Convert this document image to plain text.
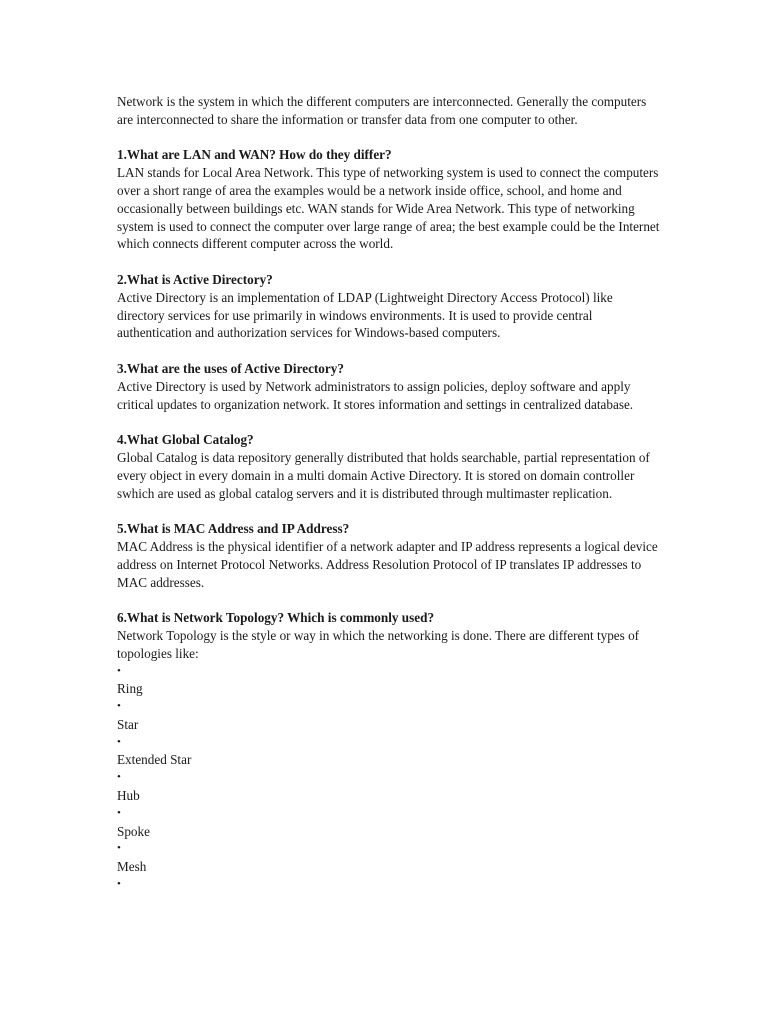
Network is the system in which the different computers are interconnected. Generally the computers are interconnected to share the information or transfer data from one computer to other.

1.What are LAN and WAN? How do they differ?

LAN stands for Local Area Network. This type of networking system is used to connect the computers over a short range of area the examples would be a network inside office, school, and home and occasionally between buildings etc. WAN stands for Wide Area Network. This type of networking system is used to connect the computer over large range of area; the best example could be the Internet which connects different computer across the world.

2.What is Active Directory?

Active Directory is an implementation of LDAP (Lightweight Directory Access Protocol) like directory services for use primarily in windows environments. It is used to provide central authentication and authorization services for Windows-based computers.

3.What are the uses of Active Directory?

Active Directory is used by Network administrators to assign policies, deploy software and apply critical updates to organization network. It stores information and settings in centralized database.

4.What Global Catalog?

Global Catalog is data repository generally distributed that holds searchable, partial representation of every object in every domain in a multi domain Active Directory. It is stored on domain controller swhich are used as global catalog servers and it is distributed through multimaster replication.

5.What is MAC Address and IP Address?

MAC Address is the physical identifier of a network adapter and IP address represents a logical device address on Internet Protocol Networks. Address Resolution Protocol of IP translates IP addresses to MAC addresses.

6.What is Network Topology? Which is commonly used?

Network Topology is the style or way in which the networking is done. There are different types of topologies like:

•

Ring

•

Star

•

Extended Star

•

Hub

•

Spoke

•

Mesh

•
